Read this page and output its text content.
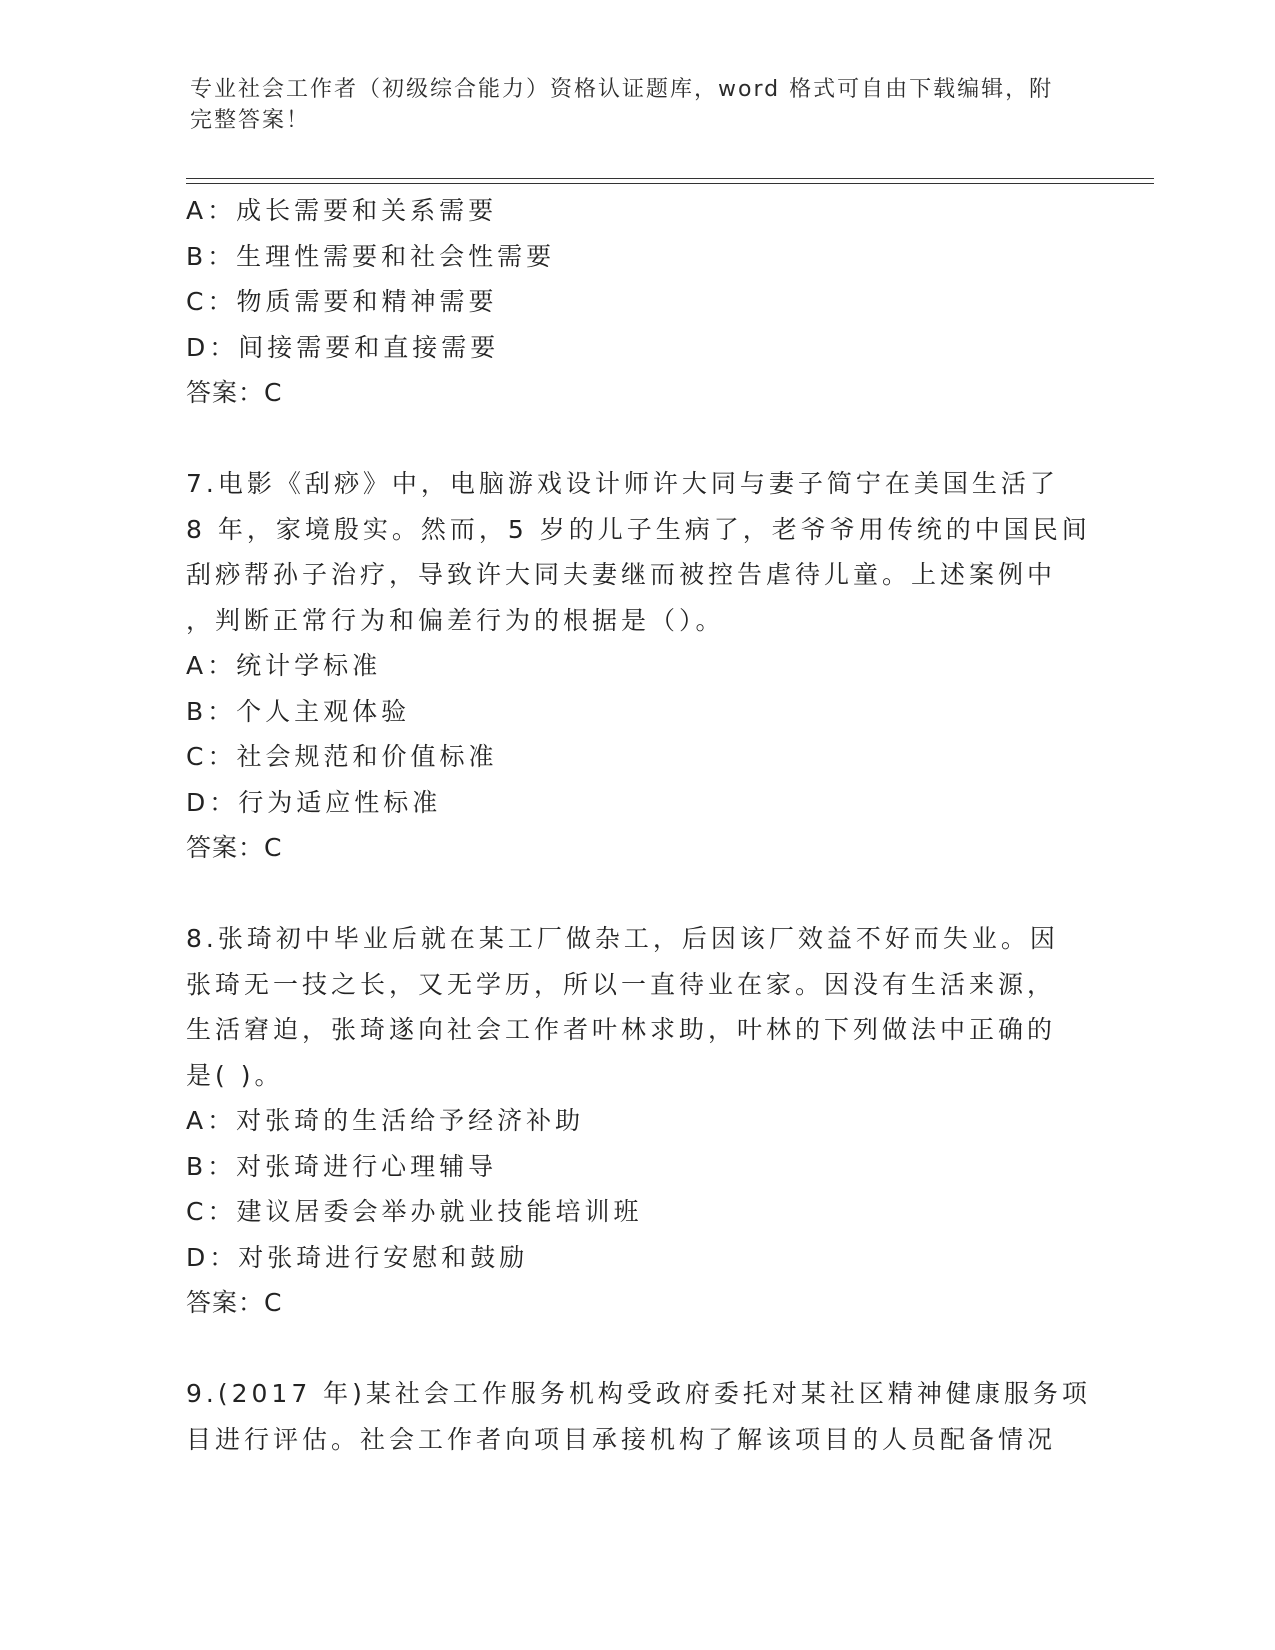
专业社会工作者（初级综合能力）资格认证题库，word 格式可自由下载编辑，附
完整答案！
A：成长需要和关系需要
B：生理性需要和社会性需要
C：物质需要和精神需要
D：间接需要和直接需要
答案：C
7.电影《刮痧》中，电脑游戏设计师许大同与妻子简宁在美国生活了
8 年，家境殷实。然而，5 岁的儿子生病了，老爷爷用传统的中国民间
刮痧帮孙子治疗，导致许大同夫妻继而被控告虐待儿童。上述案例中
，判断正常行为和偏差行为的根据是（）。
A：统计学标准
B：个人主观体验
C：社会规范和价值标准
D：行为适应性标准
答案：C
8.张琦初中毕业后就在某工厂做杂工，后因该厂效益不好而失业。因
张琦无一技之长，又无学历，所以一直待业在家。因没有生活来源，
生活窘迫，张琦遂向社会工作者叶林求助，叶林的下列做法中正确的
是( )。
A：对张琦的生活给予经济补助
B：对张琦进行心理辅导
C：建议居委会举办就业技能培训班
D：对张琦进行安慰和鼓励
答案：C
9.(2017 年)某社会工作服务机构受政府委托对某社区精神健康服务项
目进行评估。社会工作者向项目承接机构了解该项目的人员配备情况
